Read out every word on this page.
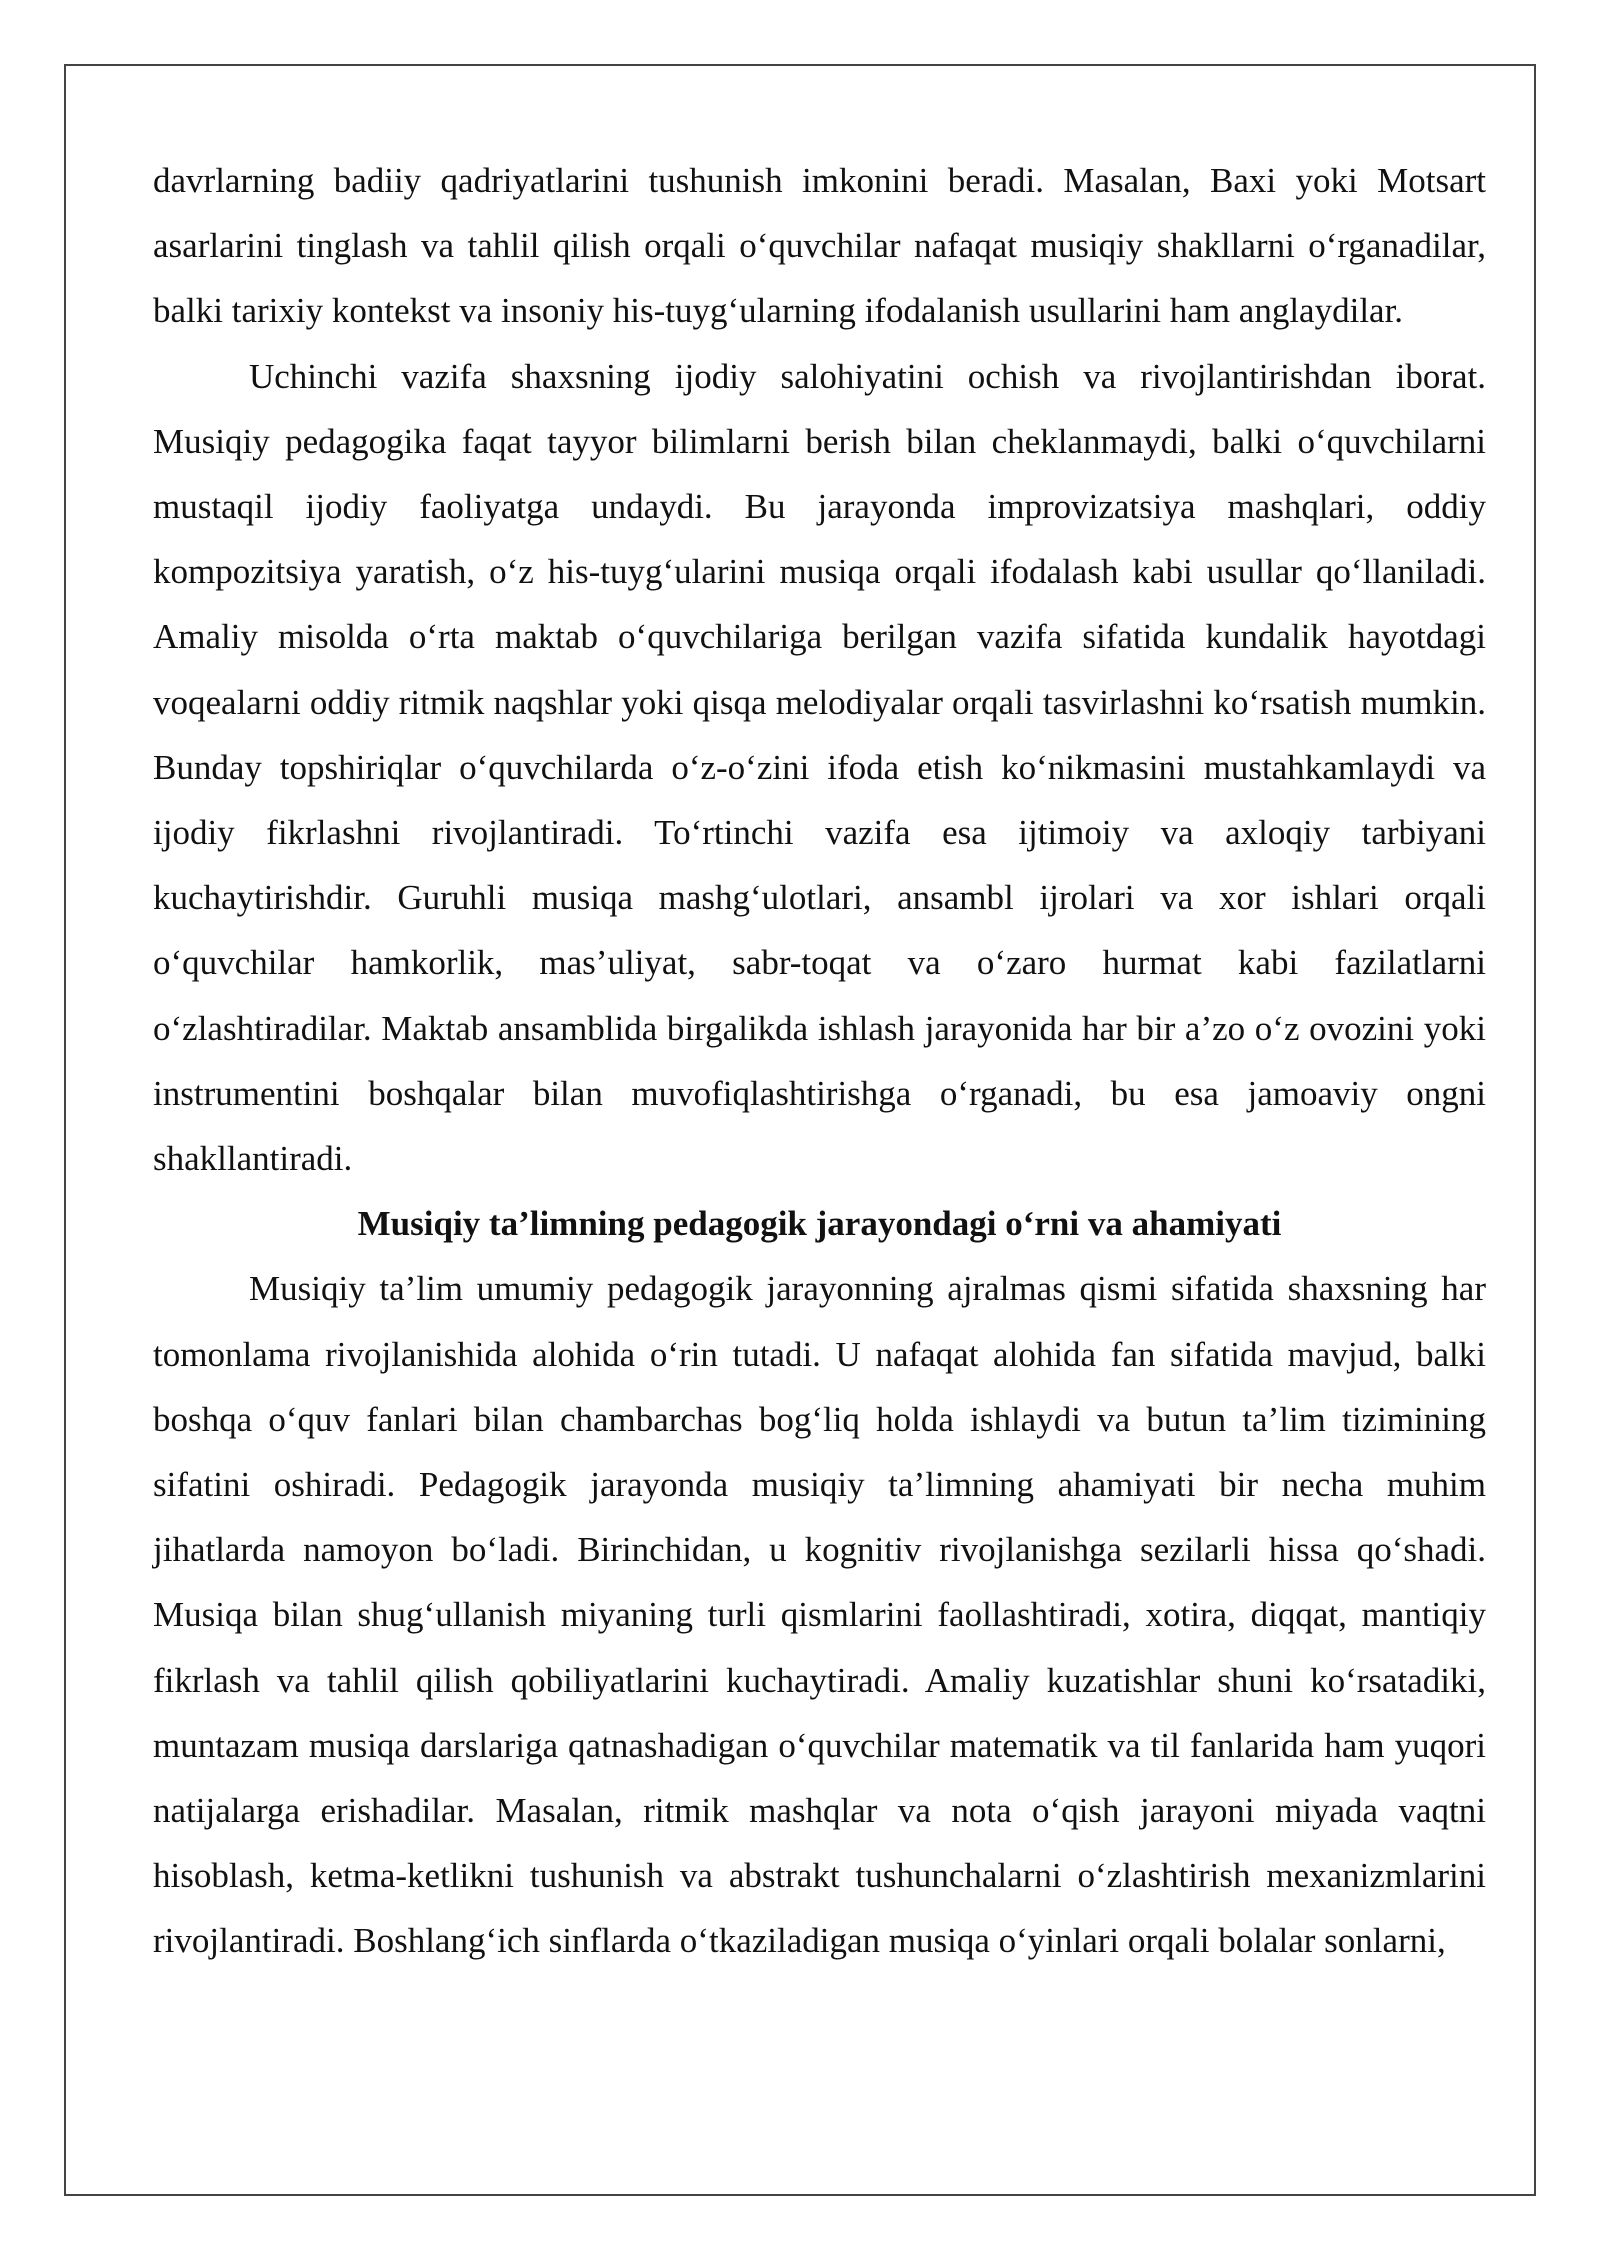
davrlarning badiiy qadriyatlarini tushunish imkonini beradi. Masalan, Baxi yoki Motsart asarlarini tinglash va tahlil qilish orqali o‘quvchilar nafaqat musiqiy shakllarni o‘rganadilar, balki tarixiy kontekst va insoniy his-tuyg‘ularning ifodalanish usullarini ham anglaydilar.

Uchinchi vazifa shaxsning ijodiy salohiyatini ochish va rivojlantirishdan iborat. Musiqiy pedagogika faqat tayyor bilimlarni berish bilan cheklanmaydi, balki o‘quvchilarni mustaqil ijodiy faoliyatga undaydi. Bu jarayonda improvizatsiya mashqlari, oddiy kompozitsiya yaratish, o‘z his-tuyg‘ularini musiqa orqali ifodalash kabi usullar qo‘llaniladi. Amaliy misolda o‘rta maktab o‘quvchilariga berilgan vazifa sifatida kundalik hayotdagi voqealarni oddiy ritmik naqshlar yoki qisqa melodiyalar orqali tasvirlashni ko‘rsatish mumkin. Bunday topshiriqlar o‘quvchilarda o‘z-o‘zini ifoda etish ko‘nikmasini mustahkamlaydi va ijodiy fikrlashni rivojlantiradi. To‘rtinchi vazifa esa ijtimoiy va axloqiy tarbiyani kuchaytirishdir. Guruhli musiqa mashg‘ulotlari, ansambl ijrolari va xor ishlari orqali o‘quvchilar hamkorlik, mas’uliyat, sabr-toqat va o‘zaro hurmat kabi fazilatlarni o‘zlashtiradilar. Maktab ansamblida birgalikda ishlash jarayonida har bir a’zo o‘z ovozini yoki instrumentini boshqalar bilan muvofiqlashtirishga o‘rganadi, bu esa jamoaviy ongni shakllantiradi.

Musiqiy ta’limning pedagogik jarayondagi o‘rni va ahamiyati

Musiqiy ta’lim umumiy pedagogik jarayonning ajralmas qismi sifatida shaxsning har tomonlama rivojlanishida alohida o‘rin tutadi. U nafaqat alohida fan sifatida mavjud, balki boshqa o‘quv fanlari bilan chambarchas bog‘liq holda ishlaydi va butun ta’lim tizimining sifatini oshiradi. Pedagogik jarayonda musiqiy ta’limning ahamiyati bir necha muhim jihatlarda namoyon bo‘ladi. Birinchidan, u kognitiv rivojlanishga sezilarli hissa qo‘shadi. Musiqa bilan shug‘ullanish miyaning turli qismlarini faollashtiradi, xotira, diqqat, mantiqiy fikrlash va tahlil qilish qobiliyatlarini kuchaytiradi. Amaliy kuzatishlar shuni ko‘rsatadiki, muntazam musiqa darslariga qatnashadigan o‘quvchilar matematik va til fanlarida ham yuqori natijalarga erishadilar. Masalan, ritmik mashqlar va nota o‘qish jarayoni miyada vaqtni hisoblash, ketma-ketlikni tushunish va abstrakt tushunchalarni o‘zlashtirish mexanizmlarini rivojlantiradi. Boshlang‘ich sinflarda o‘tkaziladigan musiqa o‘yinlari orqali bolalar sonlarni,
